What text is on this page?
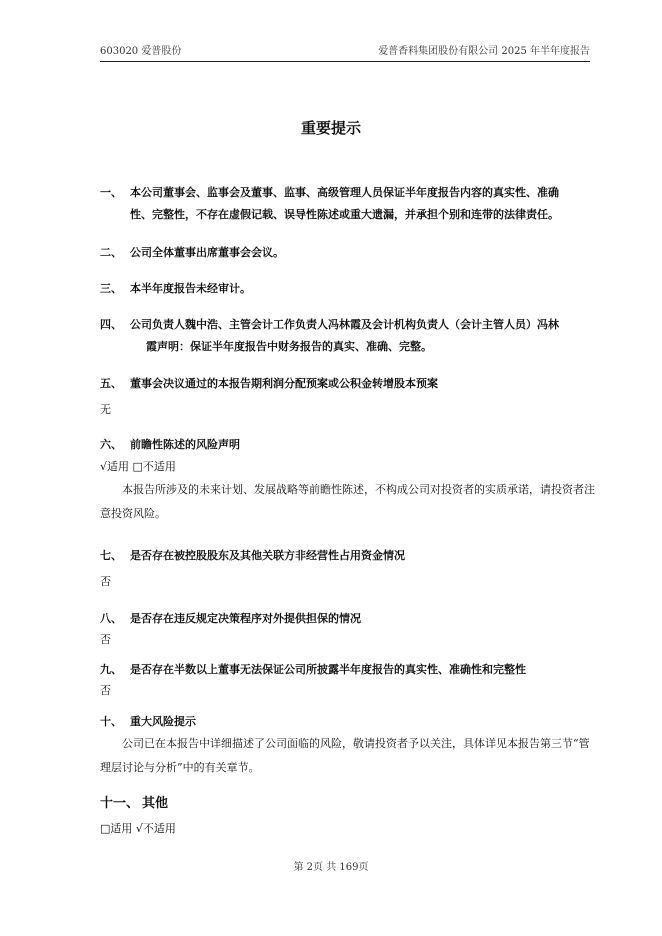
603020 爱普股份	爱普香料集团股份有限公司 2025 年半年度报告
重要提示
一、 本公司董事会、监事会及董事、监事、高级管理人员保证半年度报告内容的真实性、准确
性、完整性，不存在虚假记载、误导性陈述或重大遗漏，并承担个别和连带的法律责任。
二、 公司全体董事出席董事会会议。
三、 本半年度报告未经审计。
四、 公司负责人魏中浩、主管会计工作负责人冯林霞及会计机构负责人（会计主管人员）冯林
霞声明：保证半年度报告中财务报告的真实、准确、完整。
五、 董事会决议通过的本报告期利润分配预案或公积金转增股本预案
无
六、 前瞻性陈述的风险声明
√适用 □不适用
本报告所涉及的未来计划、发展战略等前瞻性陈述，不构成公司对投资者的实质承诺，请投资者注意投资风险。
七、 是否存在被控股股东及其他关联方非经营性占用资金情况
否
八、 是否存在违反规定决策程序对外提供担保的情况
否
九、 是否存在半数以上董事无法保证公司所披露半年度报告的真实性、准确性和完整性
否
十、 重大风险提示
公司已在本报告中详细描述了公司面临的风险，敬请投资者予以关注，具体详见本报告第三节“管理层讨论与分析”中的有关章节。
十一、 其他
□适用 √不适用
第 2页 共 169页
